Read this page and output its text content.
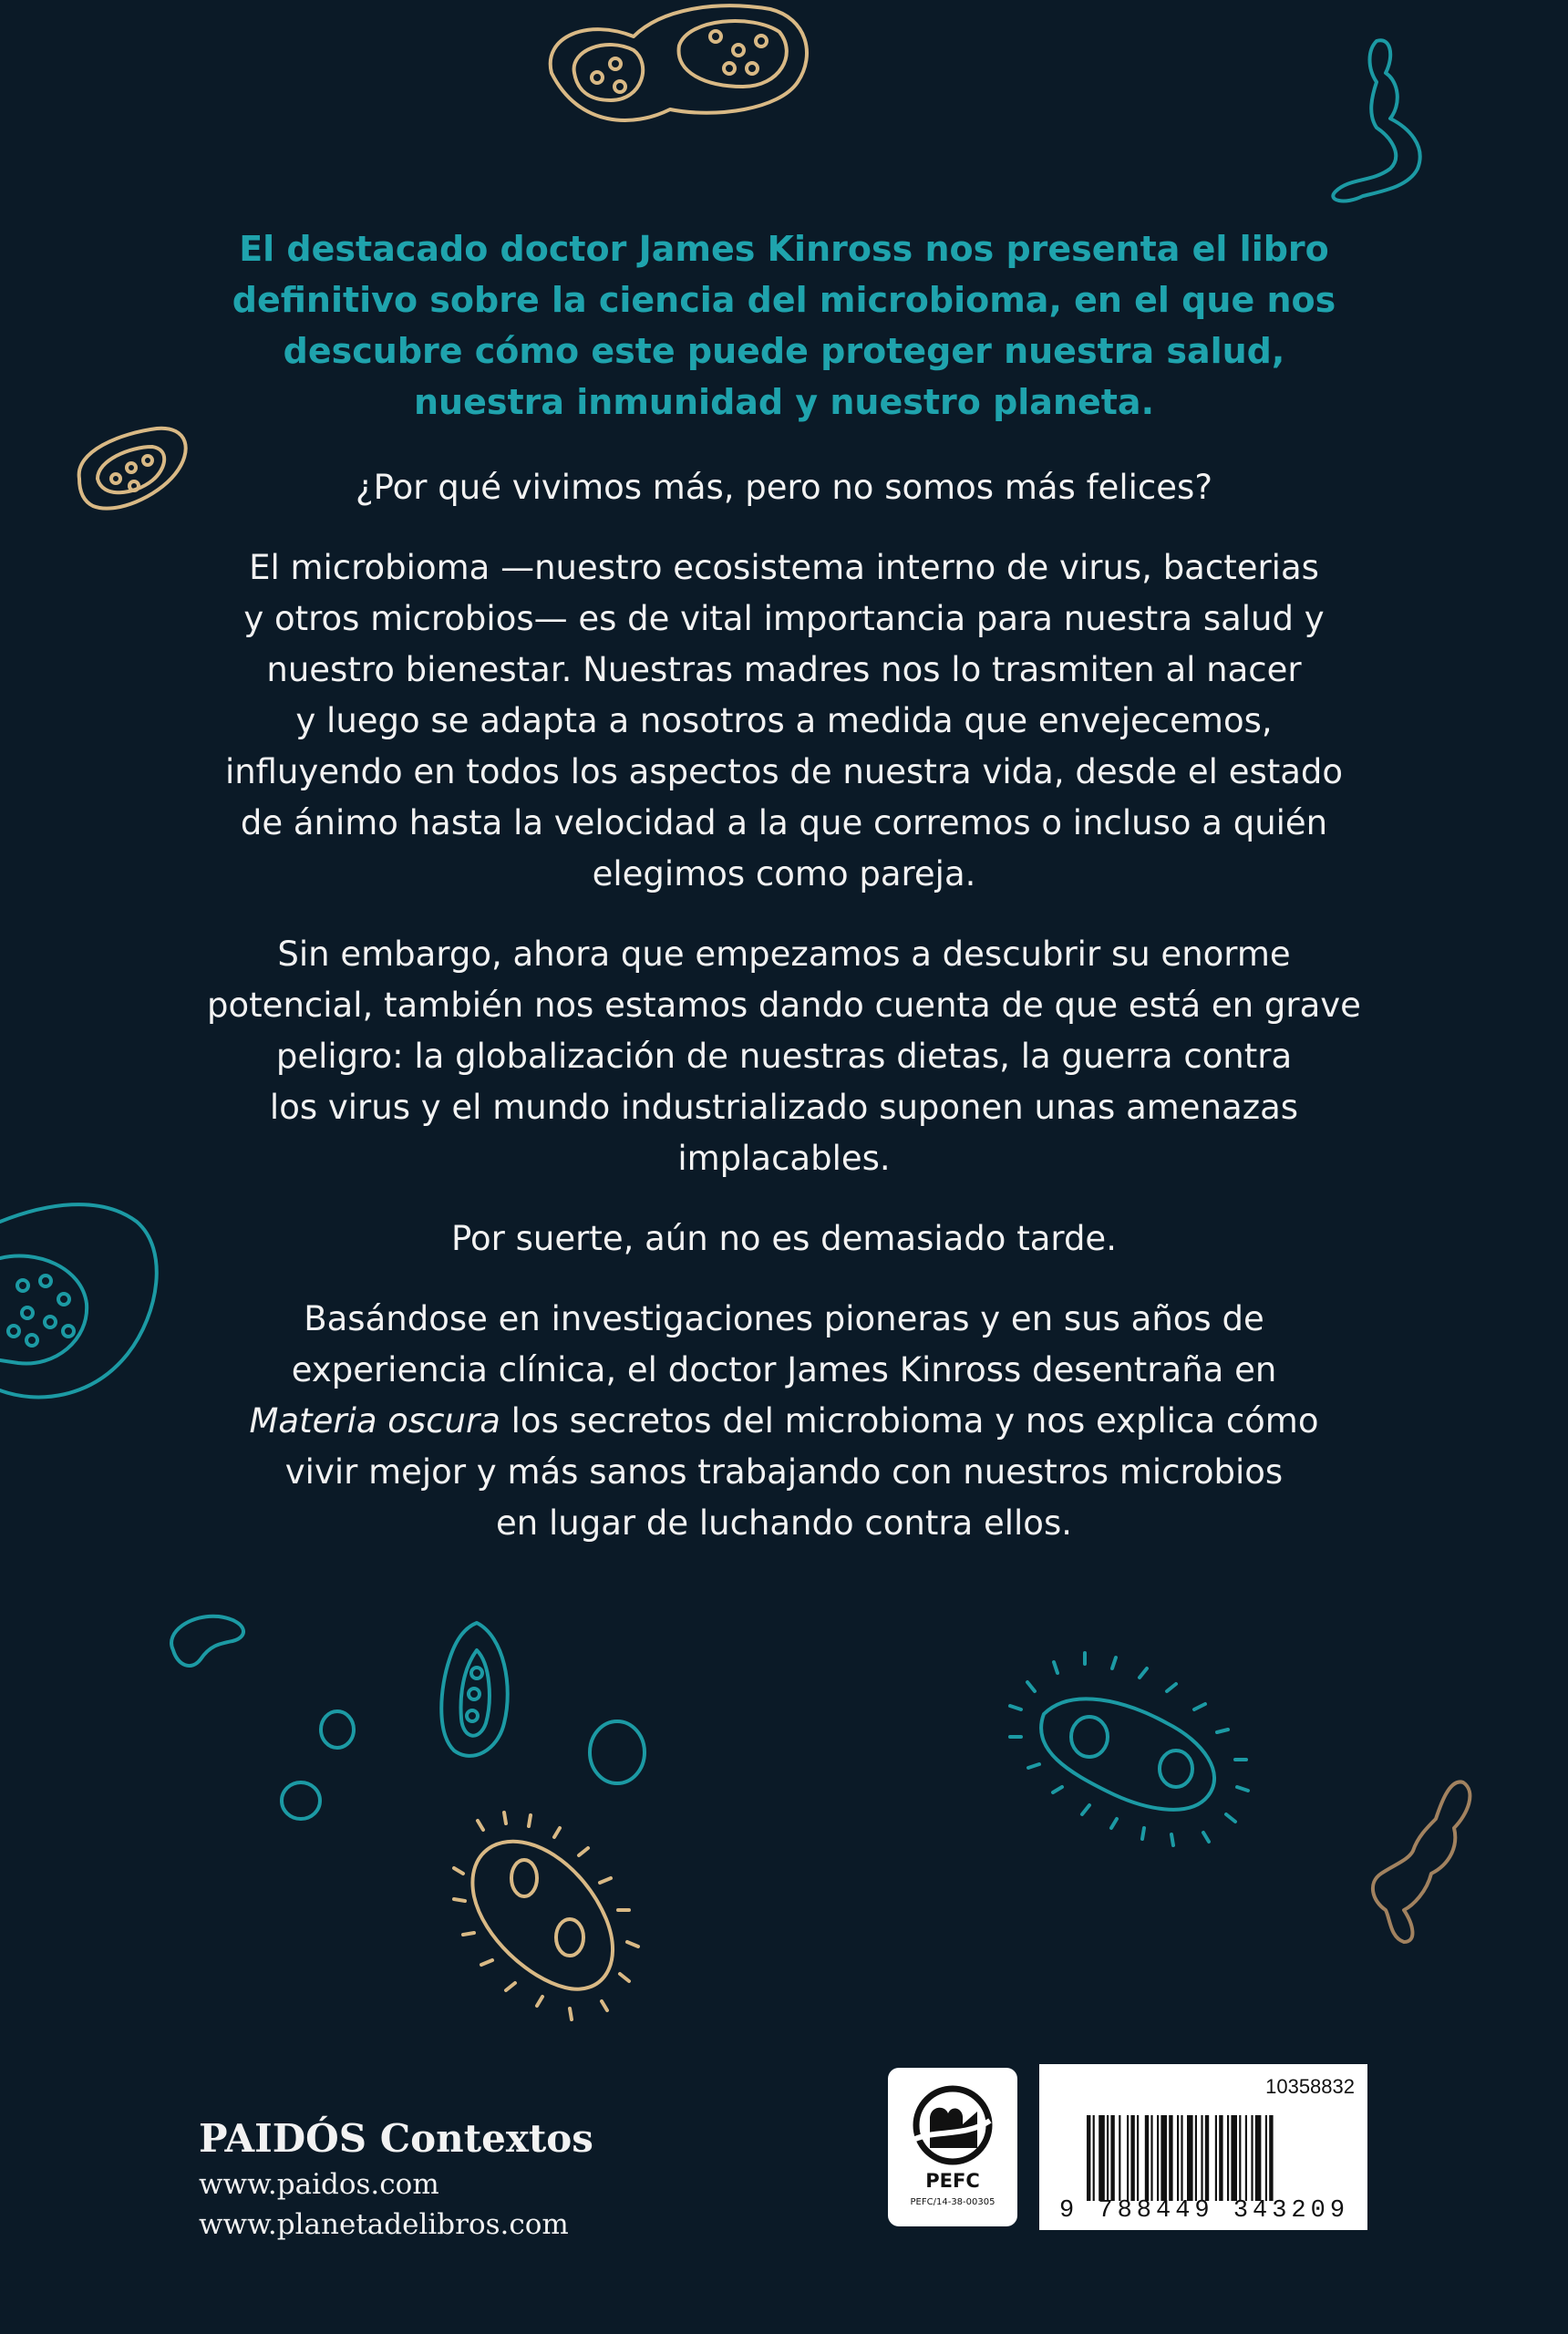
El destacado doctor James Kinross nos presenta el libro
definitivo sobre la ciencia del microbioma, en el que nos
descubre cómo este puede proteger nuestra salud,
nuestra inmunidad y nuestro planeta.

¿Por qué vivimos más, pero no somos más felices?

El microbioma —nuestro ecosistema interno de virus, bacterias
y otros microbios— es de vital importancia para nuestra salud y
nuestro bienestar. Nuestras madres nos lo trasmiten al nacer
y luego se adapta a nosotros a medida que envejecemos,
influyendo en todos los aspectos de nuestra vida, desde el estado
de ánimo hasta la velocidad a la que corremos o incluso a quién
elegimos como pareja.

Sin embargo, ahora que empezamos a descubrir su enorme
potencial, también nos estamos dando cuenta de que está en grave
peligro: la globalización de nuestras dietas, la guerra contra
los virus y el mundo industrializado suponen unas amenazas
implacables.

Por suerte, aún no es demasiado tarde.

Basándose en investigaciones pioneras y en sus años de
experiencia clínica, el doctor James Kinross desentraña en
Materia oscura los secretos del microbioma y nos explica cómo
vivir mejor y más sanos trabajando con nuestros microbios
en lugar de luchando contra ellos.

PAIDÓS Contextos
www.paidos.com
www.planetadelibros.com
PEFC
PEFC/14-38-00305
10358832
9 788449 343209
